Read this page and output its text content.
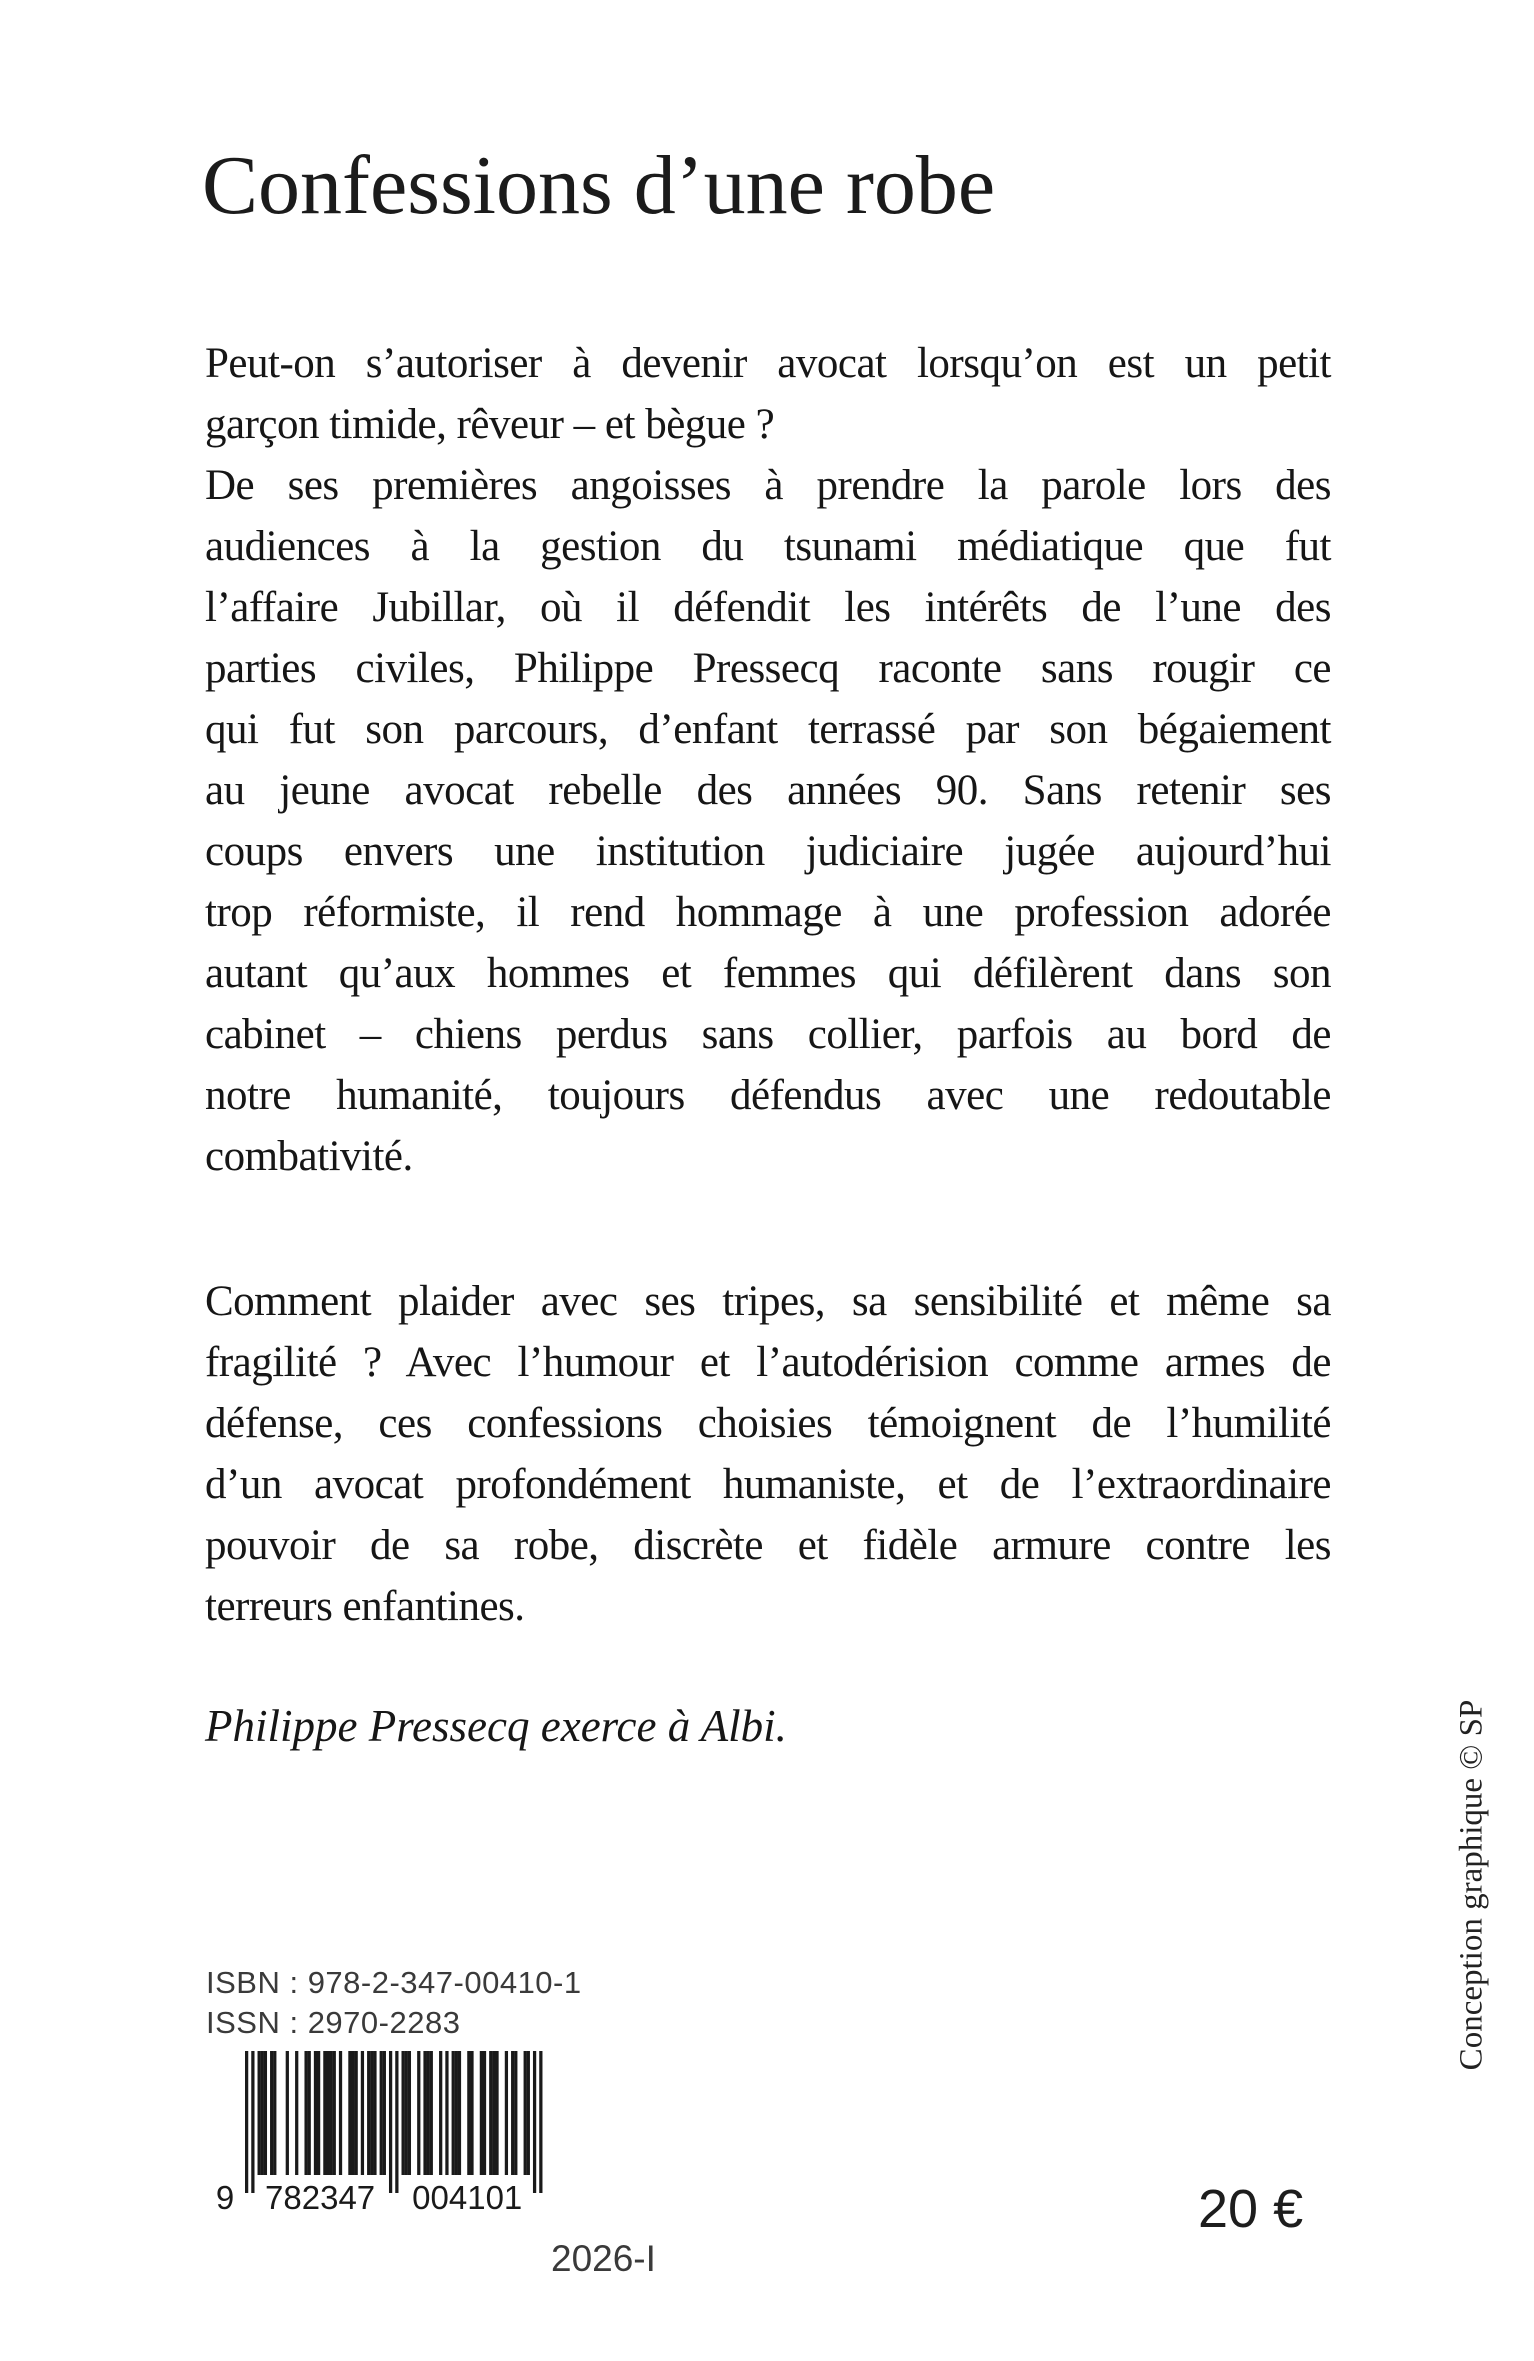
Confessions d’une robe
Peut-on s’autoriser à devenir avocat lorsqu’on est un petit
garçon timide, rêveur – et bègue ?
De ses premières angoisses à prendre la parole lors des
audiences à la gestion du tsunami médiatique que fut
l’affaire Jubillar, où il défendit les intérêts de l’une des
parties civiles, Philippe Pressecq raconte sans rougir ce
qui fut son parcours, d’enfant terrassé par son bégaiement
au jeune avocat rebelle des années 90. Sans retenir ses
coups envers une institution judiciaire jugée aujourd’hui
trop réformiste, il rend hommage à une profession adorée
autant qu’aux hommes et femmes qui défilèrent dans son
cabinet – chiens perdus sans collier, parfois au bord de
notre humanité, toujours défendus avec une redoutable
combativité.
Comment plaider avec ses tripes, sa sensibilité et même sa
fragilité ? Avec l’humour et l’autodérision comme armes de
défense, ces confessions choisies témoignent de l’humilité
d’un avocat profondément humaniste, et de l’extraordinaire
pouvoir de sa robe, discrète et fidèle armure contre les
terreurs enfantines.
Philippe Pressecq exerce à Albi.
ISBN : 978-2-347-00410-1
ISSN : 2970-2283
9 782347 004101	20 €
2026-I
Conception graphique © SP
